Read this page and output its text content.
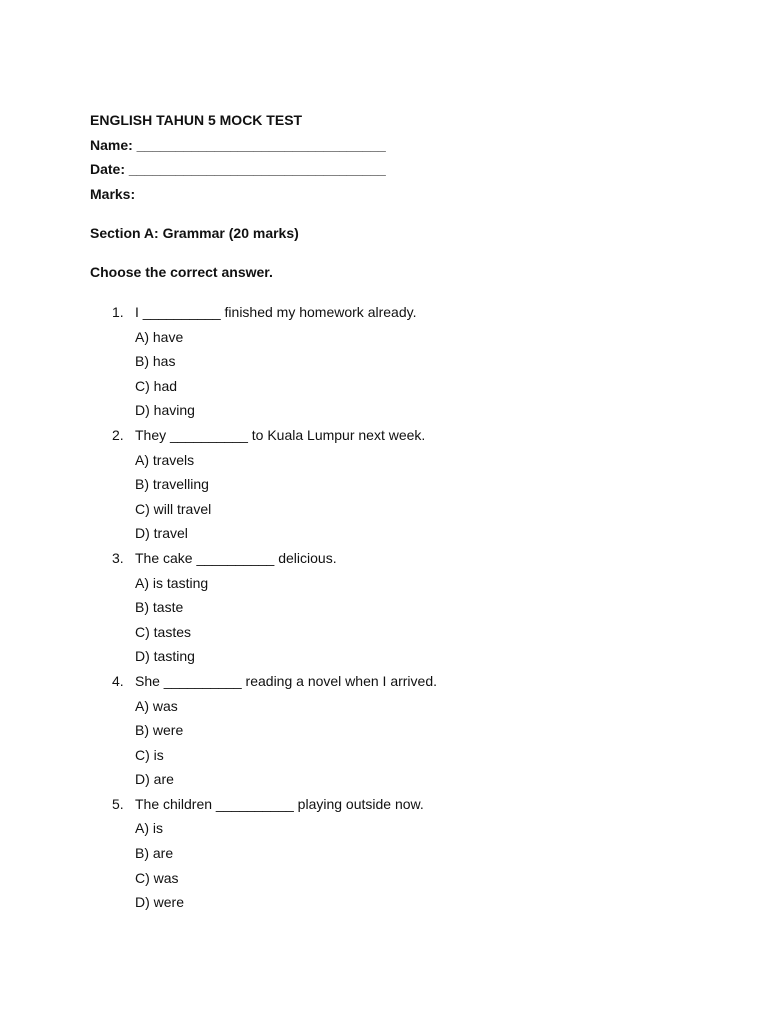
ENGLISH TAHUN 5 MOCK TEST
Name: ________________________________
Date: _________________________________
Marks:
Section A: Grammar (20 marks)
Choose the correct answer.
1. I __________ finished my homework already.
A) have
B) has
C) had
D) having
2. They __________ to Kuala Lumpur next week.
A) travels
B) travelling
C) will travel
D) travel
3. The cake __________ delicious.
A) is tasting
B) taste
C) tastes
D) tasting
4. She __________ reading a novel when I arrived.
A) was
B) were
C) is
D) are
5. The children __________ playing outside now.
A) is
B) are
C) was
D) were
